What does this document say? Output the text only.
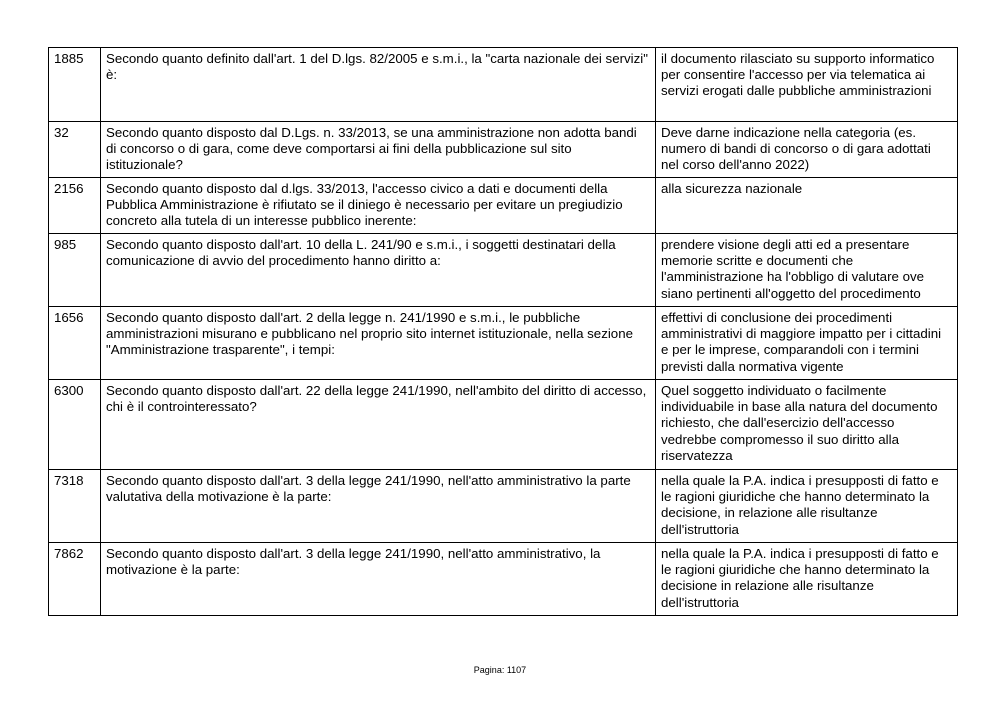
1885	Secondo quanto definito dall'art. 1 del D.lgs. 82/2005 e s.m.i., la "carta nazionale dei servizi" è:	il documento rilasciato su supporto informatico per consentire l'accesso per via telematica ai servizi erogati dalle pubbliche amministrazioni
32	Secondo quanto disposto dal D.Lgs. n. 33/2013, se una amministrazione non adotta bandi di concorso o di gara, come deve comportarsi ai fini della pubblicazione sul sito istituzionale?	Deve darne indicazione nella categoria (es. numero di bandi di concorso o di gara adottati nel corso dell'anno 2022)
2156	Secondo quanto disposto dal d.lgs. 33/2013, l'accesso civico a dati e documenti della Pubblica Amministrazione è rifiutato se il diniego è necessario per evitare un pregiudizio concreto alla tutela di un interesse pubblico inerente:	alla sicurezza nazionale
985	Secondo quanto disposto dall'art. 10 della L. 241/90 e s.m.i., i soggetti destinatari della comunicazione di avvio del procedimento hanno diritto a:	prendere visione degli atti ed a presentare memorie scritte e documenti che l'amministrazione ha l'obbligo di valutare ove siano pertinenti all'oggetto del procedimento
1656	Secondo quanto disposto dall'art. 2 della legge n. 241/1990 e s.m.i., le pubbliche amministrazioni misurano e pubblicano nel proprio sito internet istituzionale, nella sezione "Amministrazione trasparente", i tempi:	effettivi di conclusione dei procedimenti amministrativi di maggiore impatto per i cittadini e per le imprese, comparandoli con i termini previsti dalla normativa vigente
6300	Secondo quanto disposto dall'art. 22 della legge 241/1990, nell'ambito del diritto di accesso, chi è il controinteressato?	Quel soggetto individuato o facilmente individuabile in base alla natura del documento richiesto, che dall'esercizio dell'accesso vedrebbe compromesso il suo diritto alla riservatezza
7318	Secondo quanto disposto dall'art. 3 della legge 241/1990, nell'atto amministrativo la parte valutativa della motivazione è la parte:	nella quale la P.A. indica i presupposti di fatto e le ragioni giuridiche che hanno determinato la decisione, in relazione alle risultanze dell'istruttoria
7862	Secondo quanto disposto dall'art. 3 della legge 241/1990, nell'atto amministrativo, la motivazione è la parte:	nella quale la P.A. indica i presupposti di fatto e le ragioni giuridiche che hanno determinato la decisione in relazione alle risultanze dell'istruttoria
Pagina: 1107
